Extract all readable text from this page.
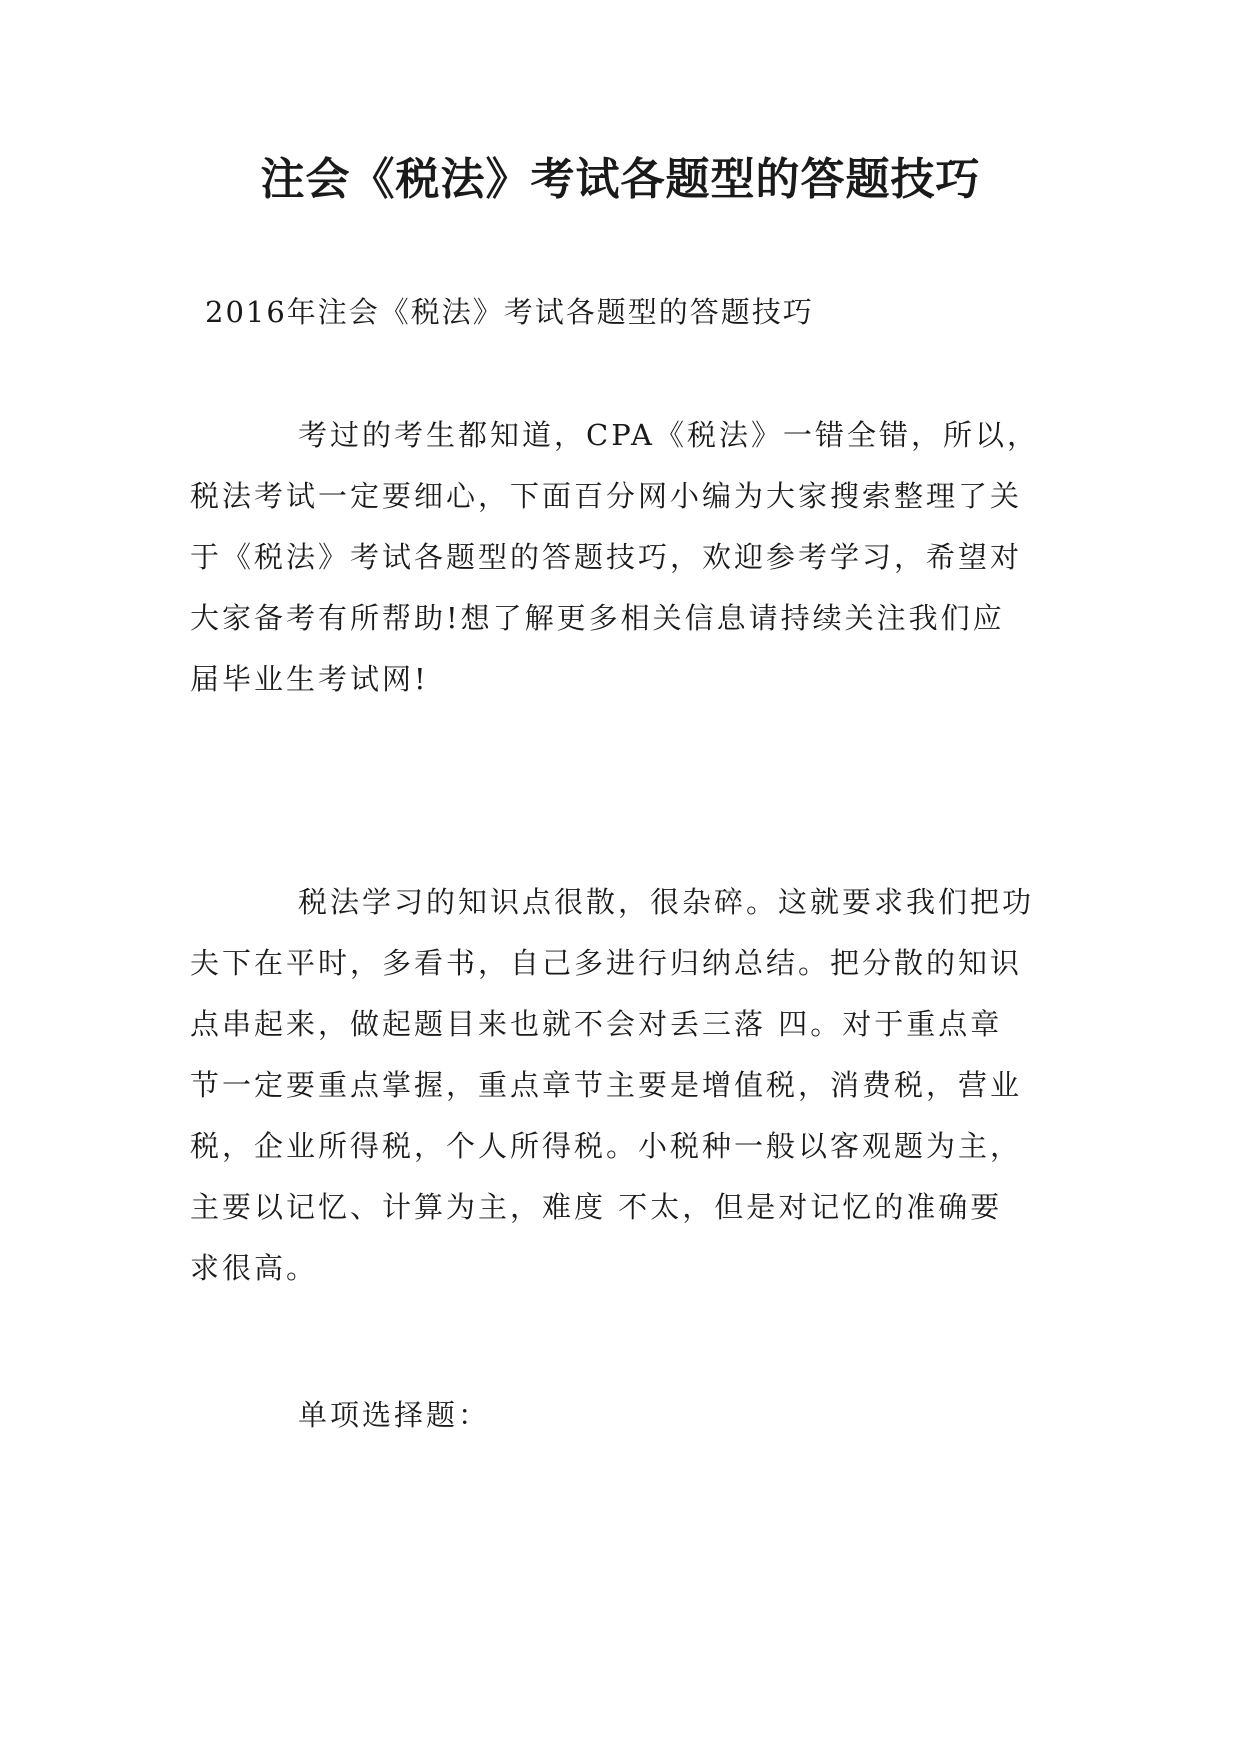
注会《税法》考试各题型的答题技巧

2016年注会《税法》考试各题型的答题技巧

考过的考生都知道，CPA《税法》一错全错，所以，
税法考试一定要细心，下面百分网小编为大家搜索整理了关
于《税法》考试各题型的答题技巧，欢迎参考学习，希望对
大家备考有所帮助!想了解更多相关信息请持续关注我们应
届毕业生考试网!
税法学习的知识点很散，很杂碎。这就要求我们把功
夫下在平时，多看书，自己多进行归纳总结。把分散的知识
点串起来，做起题目来也就不会对丢三落 四。对于重点章
节一定要重点掌握，重点章节主要是增值税，消费税，营业
税，企业所得税，个人所得税。小税种一般以客观题为主，
主要以记忆、计算为主，难度 不太，但是对记忆的准确要
求很高。

单项选择题：
